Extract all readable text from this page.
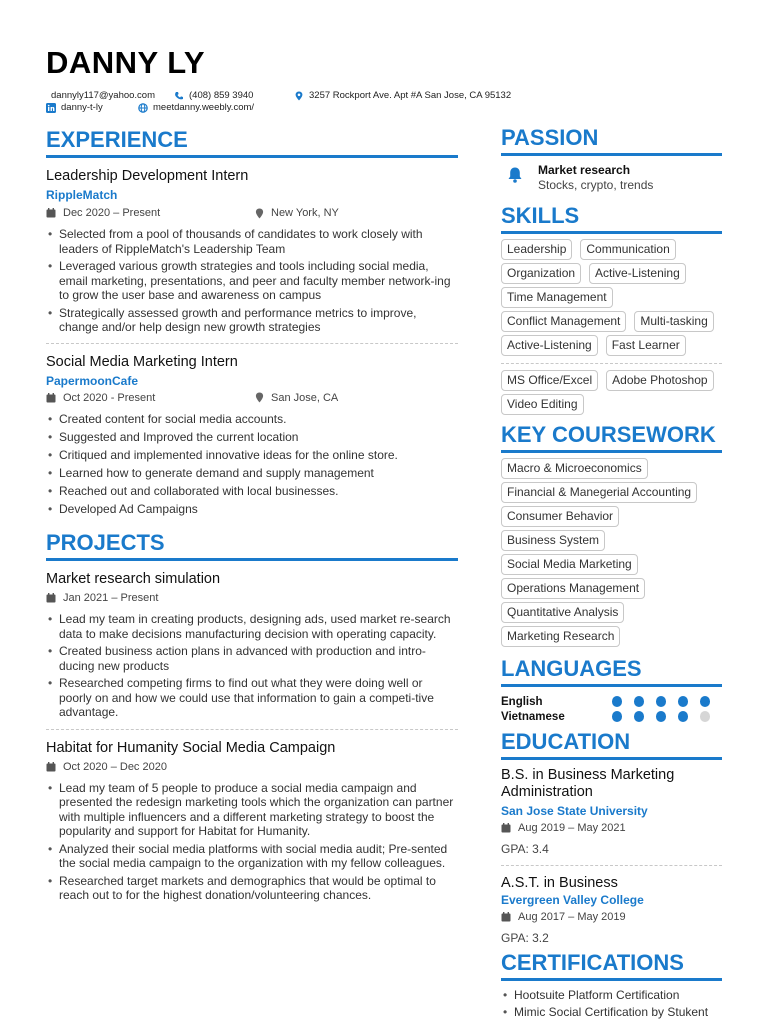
DANNY LY
dannyly117@yahoo.com	(408) 859 3940	3257 Rockport Ave. Apt #A San Jose, CA 95132
danny-t-ly	meetdanny.weebly.com/
EXPERIENCE
Leadership Development Intern
RippleMatch
Dec 2020 – Present	New York, NY
• Selected from a pool of thousands of candidates to work closely with leaders of RippleMatch's Leadership Team
• Leveraged various growth strategies and tools including social media, email marketing, presentations, and peer and faculty member network-ing to grow the user base and awareness on campus
• Strategically assessed growth and performance metrics to improve, change and/or help design new growth strategies
Social Media Marketing Intern
PapermoonCafe
Oct 2020 - Present	San Jose, CA
• Created content for social media accounts.
• Suggested and Improved the current location
• Critiqued and implemented innovative ideas for the online store.
• Learned how to generate demand and supply management
• Reached out and collaborated with local businesses.
• Developed Ad Campaigns
PROJECTS
Market research simulation
Jan 2021 – Present
• Lead my team in creating products, designing ads, used market re-search data to make decisions manufacturing decision with operating capacity.
• Created business action plans in advanced with production and intro-ducing new products
• Researched competing firms to find out what they were doing well or poorly on and how we could use that information to gain a competi-tive advantage.
Habitat for Humanity Social Media Campaign
Oct 2020 – Dec 2020
• Lead my team of 5 people to produce a social media campaign and presented the redesign marketing tools which the organization can partner with multiple influencers and a different marketing strategy to boost the popularity and support for Habitat for Humanity.
• Analyzed their social media platforms with social media audit; Pre-sented the social media campaign to the organization with my fellow colleagues.
• Researched target markets and demographics that would be optimal to reach out to for the highest donation/volunteering chances.
PASSION
Market research
Stocks, crypto, trends
SKILLS
Leadership	Communication
Organization	Active-Listening
Time Management
Conflict Management	Multi-tasking
Active-Listening	Fast Learner
MS Office/Excel	Adobe Photoshop
Video Editing
KEY COURSEWORK
Macro & Microeconomics
Financial & Manegerial Accounting
Consumer Behavior
Business System
Social Media Marketing
Operations Management
Quantitative Analysis
Marketing Research
LANGUAGES
English
Vietnamese
EDUCATION
B.S. in Business Marketing Administration
San Jose State University
Aug 2019 – May 2021
GPA: 3.4
A.S.T. in Business
Evergreen Valley College
Aug 2017 – May 2019
GPA: 3.2
CERTIFICATIONS
• Hootsuite Platform Certification
• Mimic Social Certification by Stukent
